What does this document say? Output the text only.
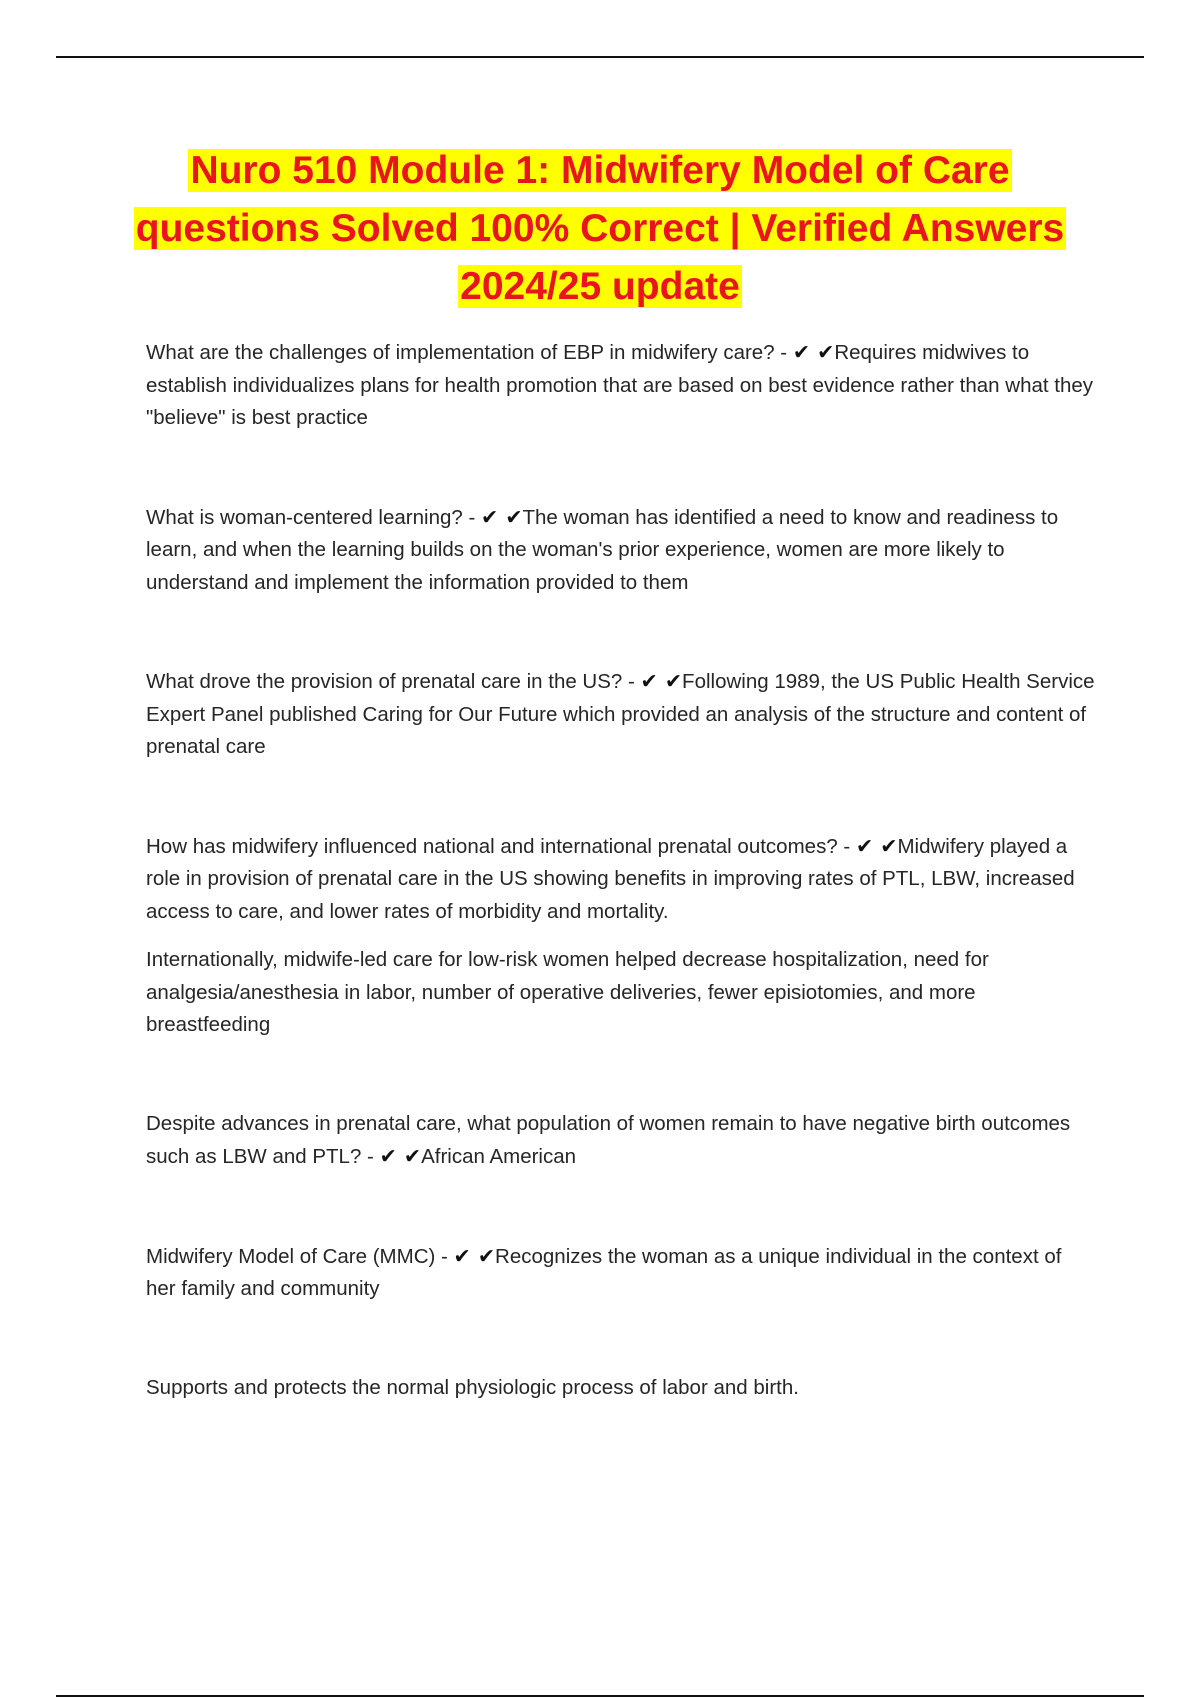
Nuro 510 Module 1: Midwifery Model of Care
questions Solved 100% Correct | Verified Answers
2024/25 update

What are the challenges of implementation of EBP in midwifery care? - ✔ ✔Requires midwives to establish individualizes plans for health promotion that are based on best evidence rather than what they "believe" is best practice

What is woman-centered learning? - ✔ ✔The woman has identified a need to know and readiness to learn, and when the learning builds on the woman's prior experience, women are more likely to understand and implement the information provided to them

What drove the provision of prenatal care in the US? - ✔ ✔Following 1989, the US Public Health Service Expert Panel published Caring for Our Future which provided an analysis of the structure and content of prenatal care

How has midwifery influenced national and international prenatal outcomes? - ✔ ✔Midwifery played a role in provision of prenatal care in the US showing benefits in improving rates of PTL, LBW, increased access to care, and lower rates of morbidity and mortality.

Internationally, midwife-led care for low-risk women helped decrease hospitalization, need for analgesia/anesthesia in labor, number of operative deliveries, fewer episiotomies, and more breastfeeding

Despite advances in prenatal care, what population of women remain to have negative birth outcomes such as LBW and PTL? - ✔ ✔African American

Midwifery Model of Care (MMC) - ✔ ✔Recognizes the woman as a unique individual in the context of her family and community

Supports and protects the normal physiologic process of labor and birth.
